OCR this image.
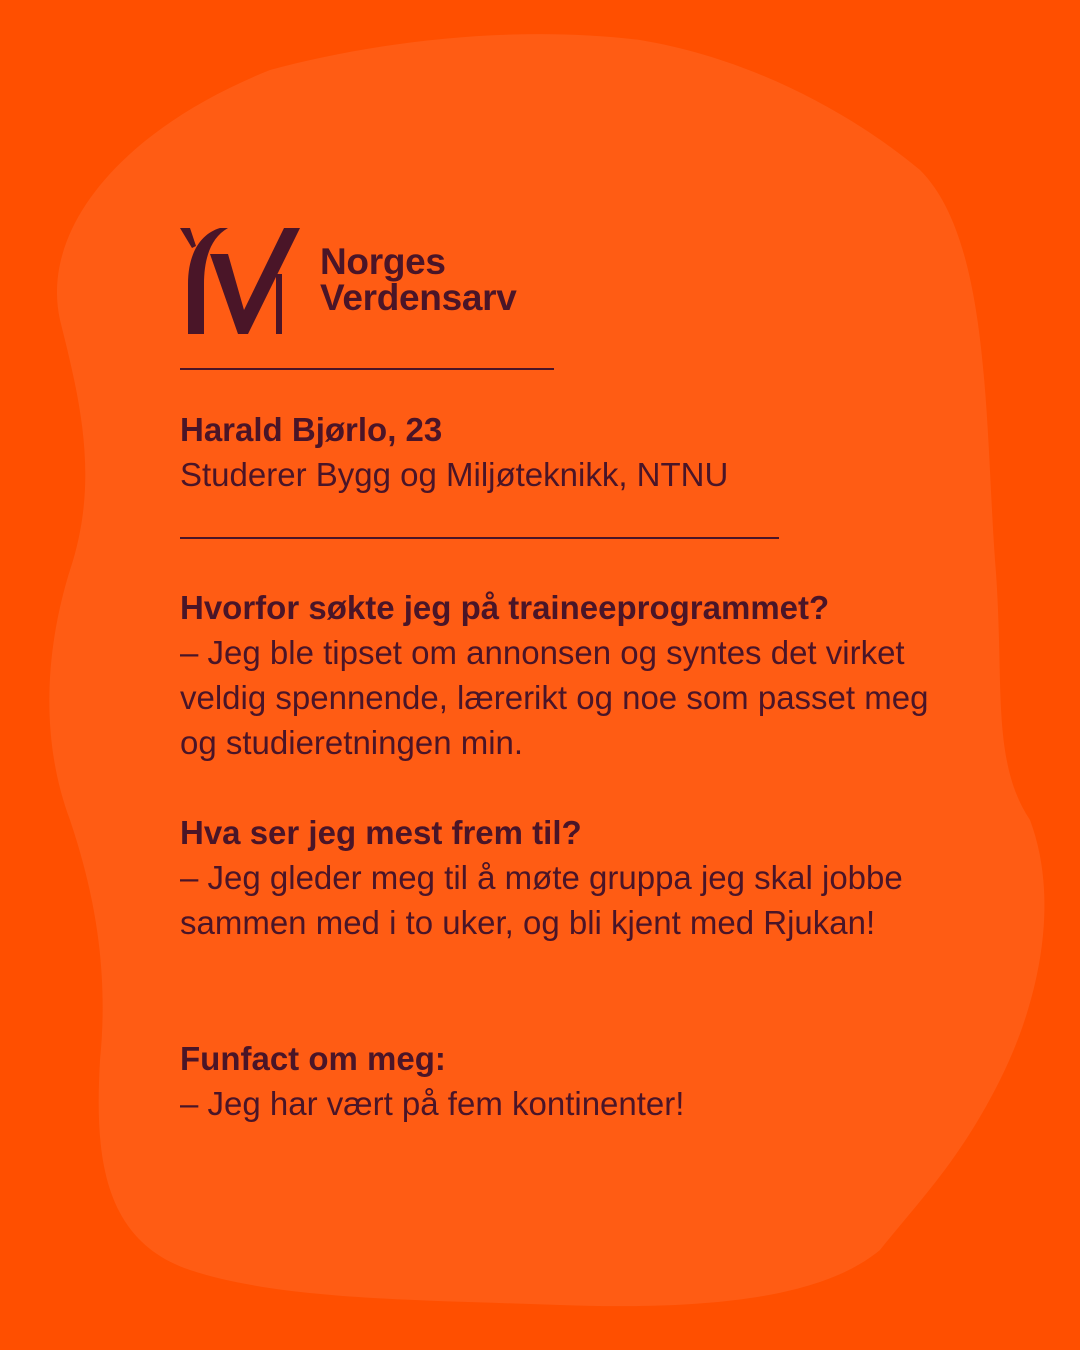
Norges
Verdensarv
Harald Bjørlo, 23
Studerer Bygg og Miljøteknikk, NTNU
Hvorfor søkte jeg på traineeprogrammet?
– Jeg ble tipset om annonsen og syntes det virket veldig spennende, lærerikt og noe som passet meg og studieretningen min.
Hva ser jeg mest frem til?
– Jeg gleder meg til å møte gruppa jeg skal jobbe sammen med i to uker, og bli kjent med Rjukan!
Funfact om meg:
– Jeg har vært på fem kontinenter!
